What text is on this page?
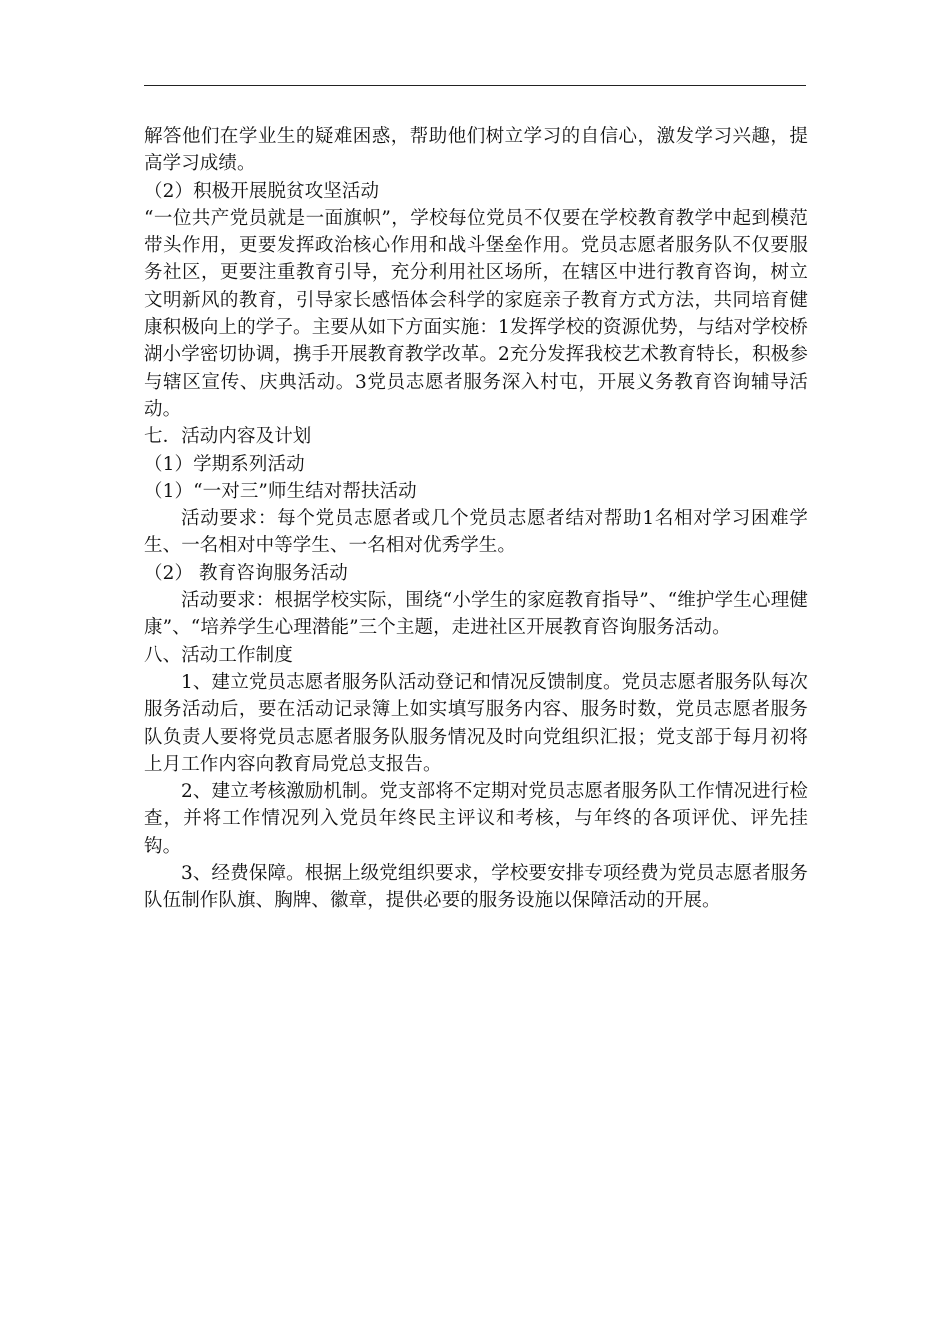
解答他们在学业生的疑难困惑，帮助他们树立学习的自信心，激发学习兴趣，提高学习成绩。

（2）积极开展脱贫攻坚活动

“一位共产党员就是一面旗帜”，学校每位党员不仅要在学校教育教学中起到模范带头作用，更要发挥政治核心作用和战斗堡垒作用。党员志愿者服务队不仅要服务社区，更要注重教育引导，充分利用社区场所，在辖区中进行教育咨询，树立文明新风的教育，引导家长感悟体会科学的家庭亲子教育方式方法，共同培育健康积极向上的学子。主要从如下方面实施：1发挥学校的资源优势，与结对学校桥湖小学密切协调，携手开展教育教学改革。2充分发挥我校艺术教育特长，积极参与辖区宣传、庆典活动。3党员志愿者服务深入村屯，开展义务教育咨询辅导活动。

七．活动内容及计划

（1）学期系列活动

（1）“一对三”师生结对帮扶活动

活动要求：每个党员志愿者或几个党员志愿者结对帮助1名相对学习困难学生、一名相对中等学生、一名相对优秀学生。

（2） 教育咨询服务活动

活动要求：根据学校实际，围绕“小学生的家庭教育指导”、“维护学生心理健康”、“培养学生心理潜能”三个主题，走进社区开展教育咨询服务活动。

八、活动工作制度

1、建立党员志愿者服务队活动登记和情况反馈制度。党员志愿者服务队每次服务活动后，要在活动记录簿上如实填写服务内容、服务时数，党员志愿者服务队负责人要将党员志愿者服务队服务情况及时向党组织汇报；党支部于每月初将上月工作内容向教育局党总支报告。

2、建立考核激励机制。党支部将不定期对党员志愿者服务队工作情况进行检查，并将工作情况列入党员年终民主评议和考核，与年终的各项评优、评先挂钩。

3、经费保障。根据上级党组织要求，学校要安排专项经费为党员志愿者服务队伍制作队旗、胸牌、徽章，提供必要的服务设施以保障活动的开展。
